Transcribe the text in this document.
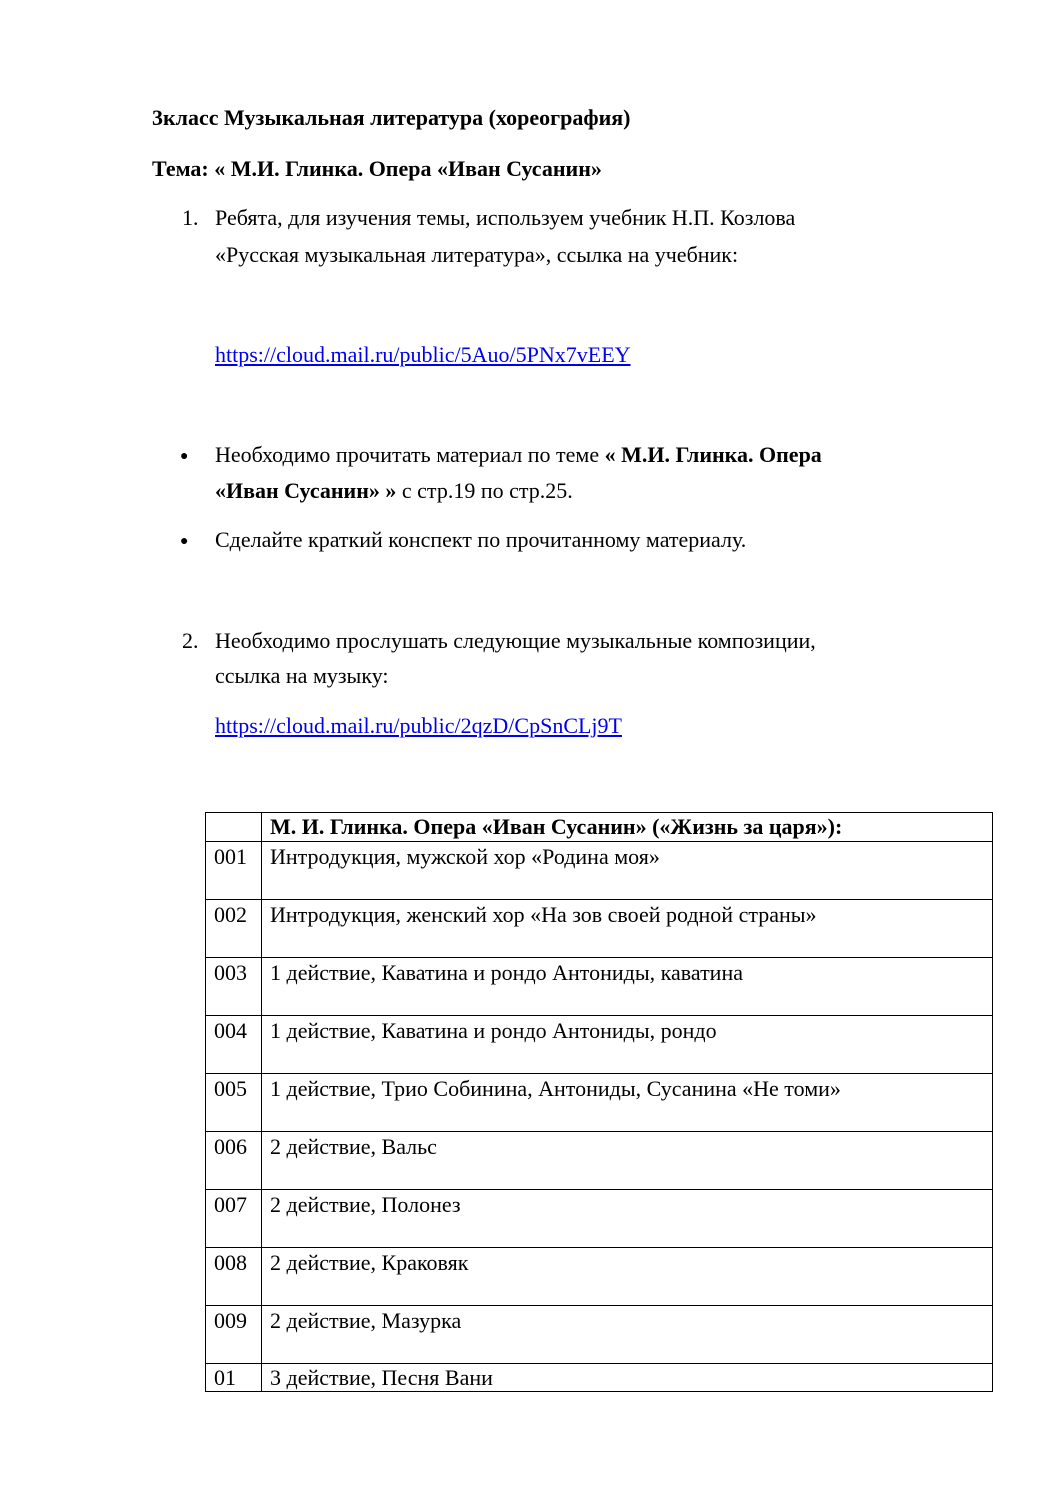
3класс Музыкальная литература (хореография)

Тема: « М.И. Глинка. Опера «Иван Сусанин»

1. Ребята, для изучения темы, используем учебник Н.П. Козлова

«Русская музыкальная литература», ссылка на учебник:

https://cloud.mail.ru/public/5Auo/5PNx7vEEY
● Необходимо прочитать материал по теме « М.И. Глинка. Опера

«Иван Сусанин» » с стр.19 по стр.25.

● Сделайте краткий конспект по прочитанному материалу.

2. Необходимо прослушать следующие музыкальные композиции,

ссылка на музыку:

https://cloud.mail.ru/public/2qzD/CpSnCLj9T
	М. И. Глинка. Опера «Иван Сусанин» («Жизнь за царя»):
001	Интродукция, мужской хор «Родина моя»
002	Интродукция, женский хор «На зов своей родной страны»
003	1 действие, Каватина и рондо Антониды, каватина
004	1 действие, Каватина и рондо Антониды, рондо
005	1 действие, Трио Собинина, Антониды, Сусанина «Не томи»
006	2 действие, Вальс
007	2 действие, Полонез
008	2 действие, Краковяк
009	2 действие, Мазурка
01	3 действие, Песня Вани
